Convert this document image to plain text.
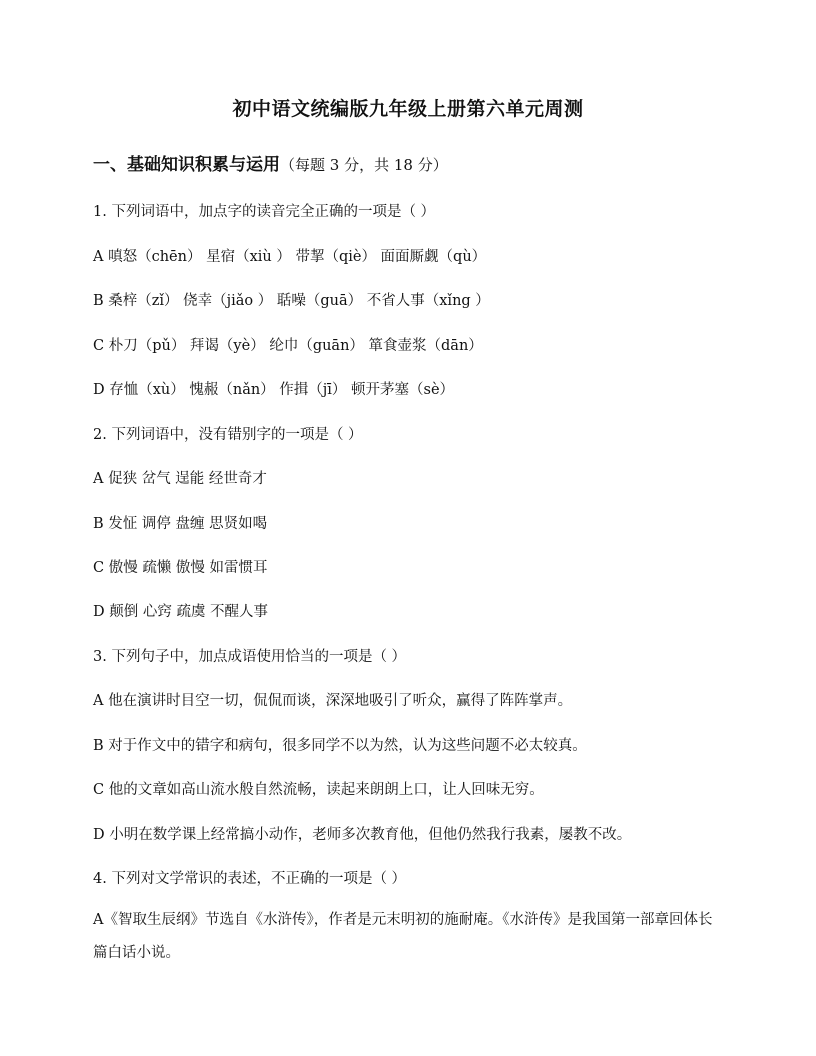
初中语文统编版九年级上册第六单元周测
一、基础知识积累与运用（每题 3 分，共 18 分）
1. 下列词语中，加点字的读音完全正确的一项是（ ）
A 嗔怒（chēn） 星宿（xiù ） 带挈（qiè） 面面厮觑（qù）
B 桑梓（zǐ） 侥幸（jiǎo ） 聒噪（guā） 不省人事（xǐng ）
C 朴刀（pǔ） 拜谒（yè） 纶巾（guān） 箪食壶浆（dān）
D 存恤（xù） 愧赧（nǎn） 作揖（jī） 顿开茅塞（sè）
2. 下列词语中，没有错别字的一项是（ ）
A 促狭 岔气 逞能 经世奇才
B 发怔 调停 盘缠 思贤如喝
C 傲慢 疏懒 傲慢 如雷惯耳
D 颠倒 心窍 疏虞 不醒人事
3. 下列句子中，加点成语使用恰当的一项是（ ）
A 他在演讲时目空一切，侃侃而谈，深深地吸引了听众，赢得了阵阵掌声。
B 对于作文中的错字和病句，很多同学不以为然，认为这些问题不必太较真。
C 他的文章如高山流水般自然流畅，读起来朗朗上口，让人回味无穷。
D 小明在数学课上经常搞小动作，老师多次教育他，但他仍然我行我素，屡教不改。
4. 下列对文学常识的表述，不正确的一项是（ ）
A《智取生辰纲》节选自《水浒传》，作者是元末明初的施耐庵。《水浒传》是我国第一部章回体长篇白话小说。
